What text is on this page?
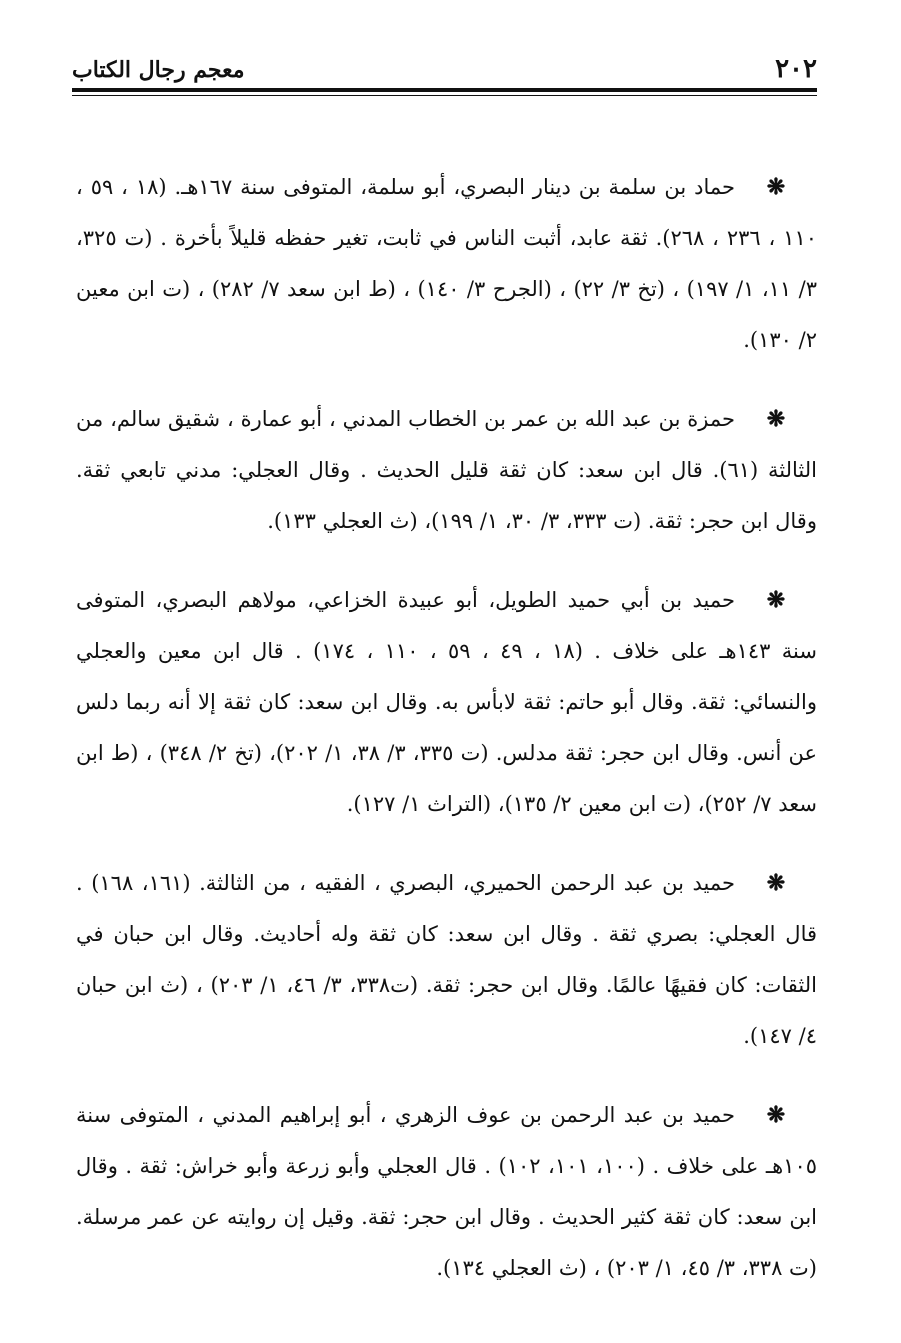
٢٠٢
معجم رجال الكتاب

❋حماد بن سلمة بن دينار البصري، أبو سلمة، المتوفى سنة ١٦٧هـ. (١٨ ، ٥٩ ، ١١٠ ، ٢٣٦ ، ٢٦٨). ثقة عابد، أثبت الناس في ثابت، تغير حفظه قليلاً بأخرة . (ت ٣٢٥، ٣/ ١١، ١/ ١٩٧) ، (تخ ٣/ ٢٢) ، (الجرح ٣/ ١٤٠) ، (ط ابن سعد ٧/ ٢٨٢) ، (ت ابن معين ٢/ ١٣٠).

❋حمزة بن عبد الله بن عمر بن الخطاب المدني ، أبو عمارة ، شقيق سالم، من الثالثة (٦١). قال ابن سعد: كان ثقة قليل الحديث . وقال العجلي: مدني تابعي ثقة. وقال ابن حجر: ثقة. (ت ٣٣٣، ٣/ ٣٠، ١/ ١٩٩)، (ث العجلي ١٣٣).

❋حميد بن أبي حميد الطويل، أبو عبيدة الخزاعي، مولاهم البصري، المتوفى سنة ١٤٣هـ على خلاف . (١٨ ، ٤٩ ، ٥٩ ، ١١٠ ، ١٧٤) . قال ابن معين والعجلي والنسائي: ثقة. وقال أبو حاتم: ثقة لابأس به. وقال ابن سعد: كان ثقة إلا أنه ربما دلس عن أنس. وقال ابن حجر: ثقة مدلس. (ت ٣٣٥، ٣/ ٣٨، ١/ ٢٠٢)، (تخ ٢/ ٣٤٨) ، (ط ابن سعد ٧/ ٢٥٢)، (ت ابن معين ٢/ ١٣٥)، (التراث ١/ ١٢٧).

❋حميد بن عبد الرحمن الحميري، البصري ، الفقيه ، من الثالثة. (١٦١، ١٦٨) . قال العجلي: بصري ثقة . وقال ابن سعد: كان ثقة وله أحاديث. وقال ابن حبان في الثقات: كان فقيهًا عالمًا. وقال ابن حجر: ثقة. (ت٣٣٨، ٣/ ٤٦، ١/ ٢٠٣) ، (ث ابن حبان ٤/ ١٤٧).

❋حميد بن عبد الرحمن بن عوف الزهري ، أبو إبراهيم المدني ، المتوفى سنة ١٠٥هـ على خلاف . (١٠٠، ١٠١، ١٠٢) . قال العجلي وأبو زرعة وأبو خراش: ثقة . وقال ابن سعد: كان ثقة كثير الحديث . وقال ابن حجر: ثقة. وقيل إن روايته عن عمر مرسلة. (ت ٣٣٨، ٣/ ٤٥، ١/ ٢٠٣) ، (ث العجلي ١٣٤).
